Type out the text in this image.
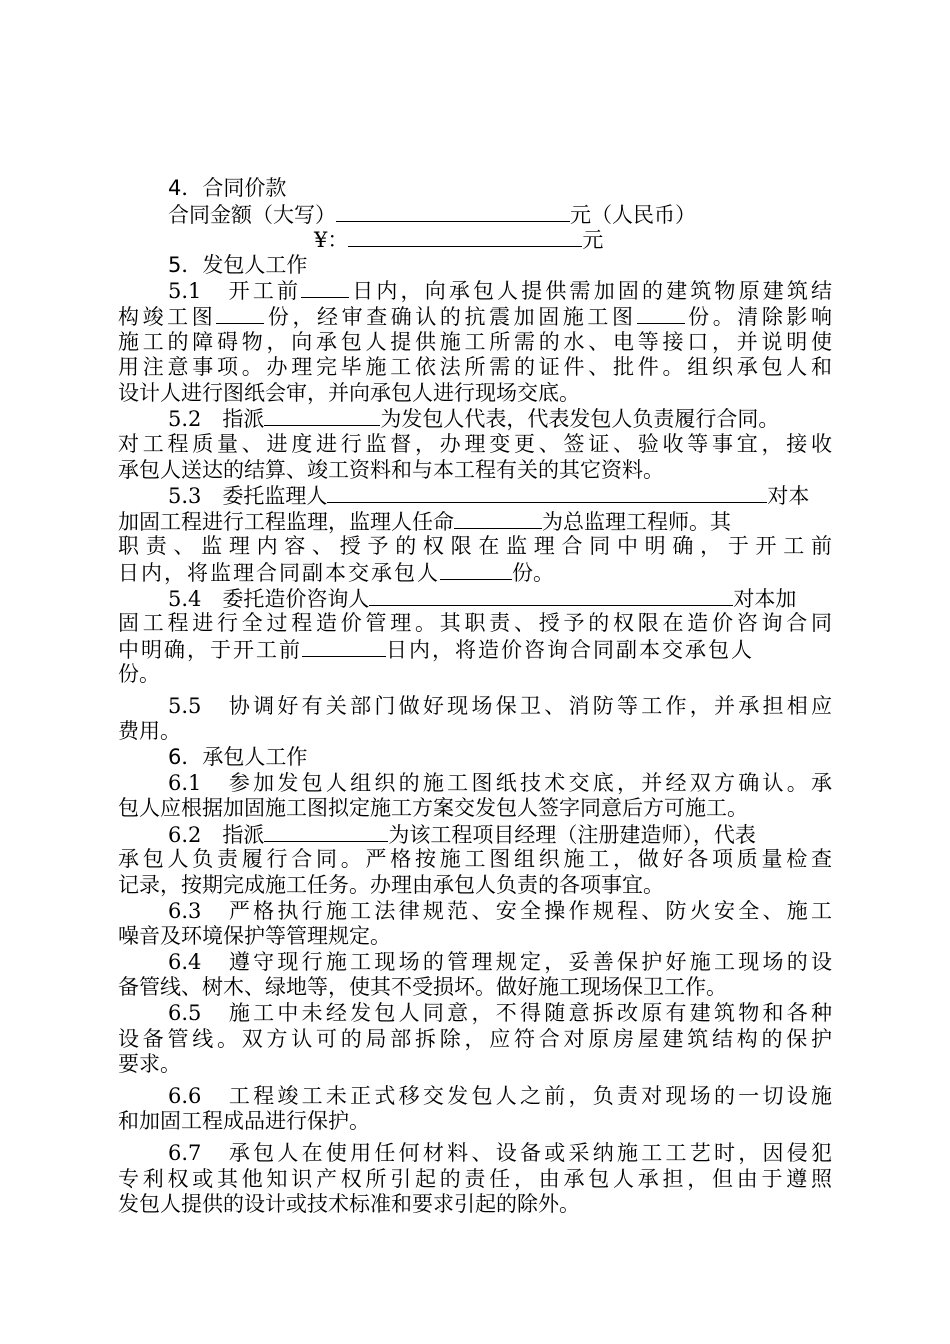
4．合同价款
合同金额（大写）	元（人民币）
¥：	元
5．发包人工作
5.1　开工前 日内，向承包人提供需加固的建筑物原建筑结
构竣工图 份，经审查确认的抗震加固施工图 份。清除影响
施工的障碍物，向承包人提供施工所需的水、电等接口，并说明使
用注意事项。办理完毕施工依法所需的证件、批件。组织承包人和
设计人进行图纸会审，并向承包人进行现场交底。
5.2　指派	为发包人代表，代表发包人负责履行合同。
对工程质量、进度进行监督，办理变更、签证、验收等事宜，接收
承包人送达的结算、竣工资料和与本工程有关的其它资料。
5.3　委托监理人	对本
加固工程进行工程监理，监理人任命	为总监理工程师。其
职责、监理内容、授予的权限在监理合同中明确，于开工前
日内，将监理合同副本交承包人	份。
5.4　委托造价咨询人	对本加
固工程进行全过程造价管理。其职责、授予的权限在造价咨询合同
中明确，于开工前	日内，将造价咨询合同副本交承包人
份。
5.5　协调好有关部门做好现场保卫、消防等工作，并承担相应
费用。
6．承包人工作
6.1　参加发包人组织的施工图纸技术交底，并经双方确认。承
包人应根据加固施工图拟定施工方案交发包人签字同意后方可施工。
6.2　指派	为该工程项目经理（注册建造师），代表
承包人负责履行合同。严格按施工图组织施工，做好各项质量检查
记录，按期完成施工任务。办理由承包人负责的各项事宜。
6.3　严格执行施工法律规范、安全操作规程、防火安全、施工
噪音及环境保护等管理规定。
6.4　遵守现行施工现场的管理规定，妥善保护好施工现场的设
备管线、树木、绿地等，使其不受损坏。做好施工现场保卫工作。
6.5　施工中未经发包人同意，不得随意拆改原有建筑物和各种
设备管线。双方认可的局部拆除，应符合对原房屋建筑结构的保护
要求。
6.6　工程竣工未正式移交发包人之前，负责对现场的一切设施
和加固工程成品进行保护。
6.7　承包人在使用任何材料、设备或采纳施工工艺时，因侵犯
专利权或其他知识产权所引起的责任，由承包人承担，但由于遵照
发包人提供的设计或技术标准和要求引起的除外。
